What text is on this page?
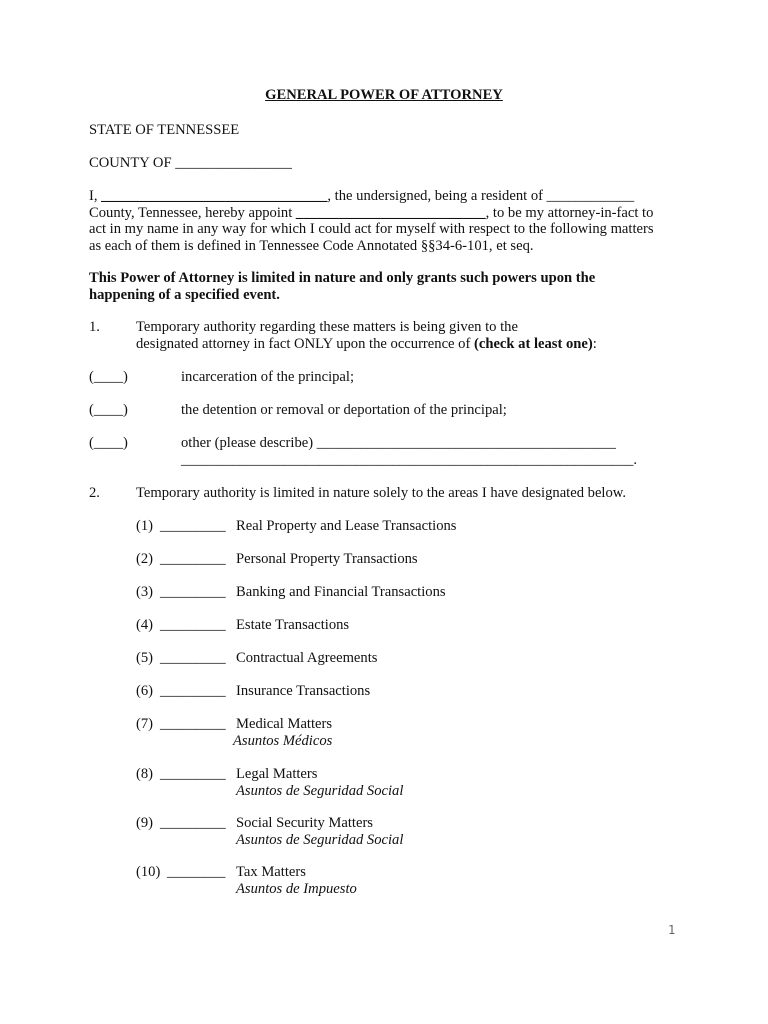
GENERAL POWER OF ATTORNEY
STATE OF TENNESSEE
COUNTY OF ________________
I, _______________________________, the undersigned, being a resident of ____________
County, Tennessee, hereby appoint __________________________, to be my attorney-in-fact to
act in my name in any way for which I could act for myself with respect to the following matters
as each of them is defined in Tennessee Code Annotated §§34-6-101, et seq.
This Power of Attorney is limited in nature and only grants such powers upon the
happening of a specified event.
1. Temporary authority regarding these matters is being given to the
designated attorney in fact ONLY upon the occurrence of (check at least one):
(____)	incarceration of the principal;
(____)	the detention or removal or deportation of the principal;
(____)	other (please describe) _________________________________________
______________________________________________________________.
2. Temporary authority is limited in nature solely to the areas I have designated below.
(1) _________ Real Property and Lease Transactions
(2) _________ Personal Property Transactions
(3) _________ Banking and Financial Transactions
(4) _________ Estate Transactions
(5) _________ Contractual Agreements
(6) _________ Insurance Transactions
(7) _________ Medical Matters
Asuntos Médicos
(8) _________ Legal Matters
Asuntos de Seguridad Social
(9) _________ Social Security Matters
Asuntos de Seguridad Social
(10) ________ Tax Matters
Asuntos de Impuesto
1
